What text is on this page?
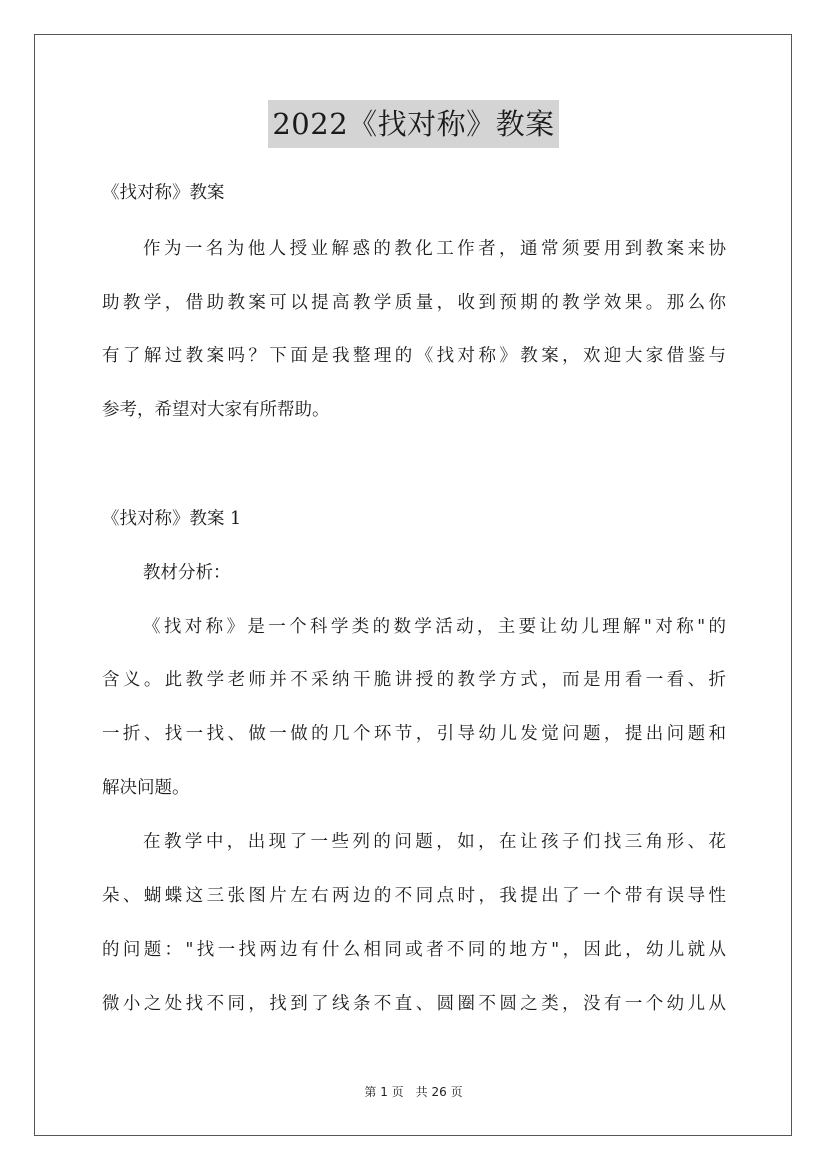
2022《找对称》教案
《找对称》教案
作为一名为他人授业解惑的教化工作者，通常须要用到教案来协
助教学，借助教案可以提高教学质量，收到预期的教学效果。那么你
有了解过教案吗？下面是我整理的《找对称》教案，欢迎大家借鉴与
参考，希望对大家有所帮助。
《找对称》教案 1
教材分析：
《找对称》是一个科学类的数学活动，主要让幼儿理解"对称"的
含义。此教学老师并不采纳干脆讲授的教学方式，而是用看一看、折
一折、找一找、做一做的几个环节，引导幼儿发觉问题，提出问题和
解决问题。
在教学中，出现了一些列的问题，如，在让孩子们找三角形、花
朵、蝴蝶这三张图片左右两边的不同点时，我提出了一个带有误导性
的问题："找一找两边有什么相同或者不同的地方"，因此，幼儿就从
微小之处找不同，找到了线条不直、圆圈不圆之类，没有一个幼儿从
第 1 页　共 26 页
